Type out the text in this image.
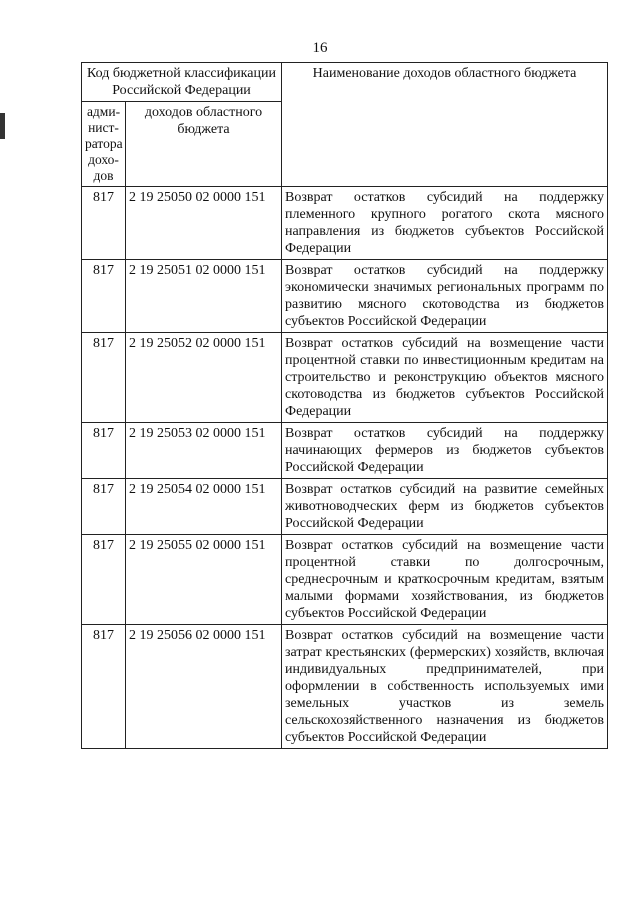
16
Код бюджетной классификации Российской Федерации		Наименование доходов областного бюджета
адми-нист-ратора дохо-дов	доходов областного бюджета	
817	2 19 25050 02 0000 151	Возврат остатков субсидий на поддержку племенного крупного рогатого скота мясного направления из бюджетов субъектов Российской Федерации
817	2 19 25051 02 0000 151	Возврат остатков субсидий на поддержку экономически значимых региональных программ по развитию мясного скотоводства из бюджетов субъектов Российской Федерации
817	2 19 25052 02 0000 151	Возврат остатков субсидий на возмещение части процентной ставки по инвестиционным кредитам на строительство и реконструкцию объектов мясного скотоводства из бюджетов субъектов Российской Федерации
817	2 19 25053 02 0000 151	Возврат остатков субсидий на поддержку начинающих фермеров из бюджетов субъектов Российской Федерации
817	2 19 25054 02 0000 151	Возврат остатков субсидий на развитие семейных животноводческих ферм из бюджетов субъектов Российской Федерации
817	2 19 25055 02 0000 151	Возврат остатков субсидий на возмещение части процентной ставки по долгосрочным, среднесрочным и краткосрочным кредитам, взятым малыми формами хозяйствования, из бюджетов субъектов Российской Федерации
817	2 19 25056 02 0000 151	Возврат остатков субсидий на возмещение части затрат крестьянских (фермерских) хозяйств, включая индивидуальных предпринимателей, при оформлении в собственность используемых ими земельных участков из земель сельскохозяйственного назначения из бюджетов субъектов Российской Федерации
